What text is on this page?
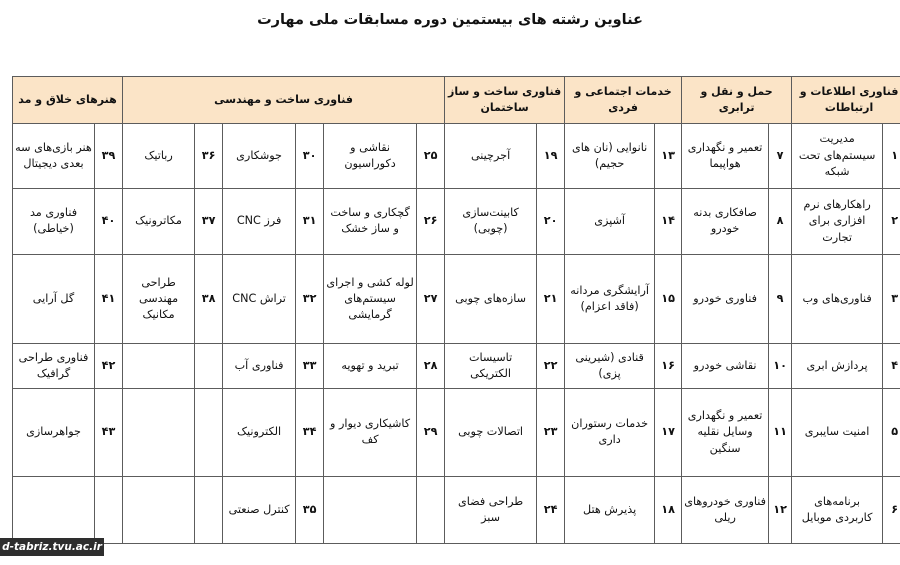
عناوین رشته های بیستمین دوره مسابقات ملی مهارت
فناوری اطلاعات و ارتباطات		حمل و نقل و ترابری		خدمات اجتماعی و فردی		فناوری ساخت و ساز ساختمان		فناوری ساخت و مهندسی						هنرهای خلاق و مد	
۱	مدیریت سیستم‌های تحت شبکه	۷	تعمیر و نگهداری هواپیما	۱۳	نانوایی (نان های حجیم)	۱۹	آجرچینی	۲۵	نقاشی و دکوراسیون	۳۰	جوشکاری	۳۶	رباتیک	۳۹	هنر بازی‌های سه بعدی دیجیتال
۲	راهکارهای نرم افزاری برای تجارت	۸	صافکاری بدنه خودرو	۱۴	آشپزی	۲۰	کابینت‌سازی (چوبی)	۲۶	گچکاری و ساخت و ساز خشک	۳۱	فرز CNC	۳۷	مکاترونیک	۴۰	فناوری مد (خیاطی)
۳	فناوری‌های وب	۹	فناوری خودرو	۱۵	آرایشگری مردانه (فاقد اعزام)	۲۱	سازه‌های چوبی	۲۷	لوله کشی و اجرای سیستم‌های گرمایشی	۳۲	تراش CNC	۳۸	طراحی مهندسی مکانیک	۴۱	گل آرایی
۴	پردازش ابری	۱۰	نقاشی خودرو	۱۶	قنادی (شیرینی پزی)	۲۲	تاسیسات الکتریکی	۲۸	تبرید و تهویه	۳۳	فناوری آب			۴۲	فناوری طراحی گرافیک
۵	امنیت سایبری	۱۱	تعمیر و نگهداری وسایل نقلیه سنگین	۱۷	خدمات رستوران داری	۲۳	اتصالات چوبی	۲۹	کاشیکاری دیوار و کف	۳۴	الکترونیک			۴۳	جواهرسازی
۶	برنامه‌های کاربردی موبایل	۱۲	فناوری خودروهای ریلی	۱۸	پذیرش هتل	۲۴	طراحی فضای سبز			۳۵	کنترل صنعتی				
d-tabriz.tvu.ac.ir
